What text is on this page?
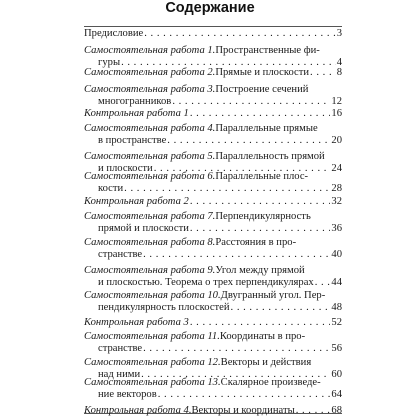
Содержание
Предисловие . . .	3
Самостоятельная работа 1. Пространственные фи-
гуры . . .	4
Самостоятельная работа 2. Прямые и плоскости . . .	8
Самостоятельная работа 3. Построение сечений
многогранников . . .	12
Контрольная работа 1 . . .	16
Самостоятельная работа 4. Параллельные прямые
в пространстве . . .	20
Самостоятельная работа 5. Параллельность прямой
и плоскости . . .	24
Самостоятельная работа 6. Параллельные плос-
кости . . .	28
Контрольная работа 2 . . .	32
Самостоятельная работа 7. Перпендикулярность
прямой и плоскости . . .	36
Самостоятельная работа 8. Расстояния в про-
странстве . . .	40
Самостоятельная работа 9. Угол между прямой
и плоскостью. Теорема о трех перпендикулярах . . . 44
Самостоятельная работа 10. Двугранный угол. Пер-
пендикулярность плоскостей . . .	48
Контрольная работа 3 . . .	52
Самостоятельная работа 11. Координаты в про-
странстве . . .	56
Самостоятельная работа 12. Векторы и действия
над ними . . .	60
Самостоятельная работа 13. Скалярное произведе-
ние векторов . . .	64
Контрольная работа 4. Векторы и координаты . . .	68
